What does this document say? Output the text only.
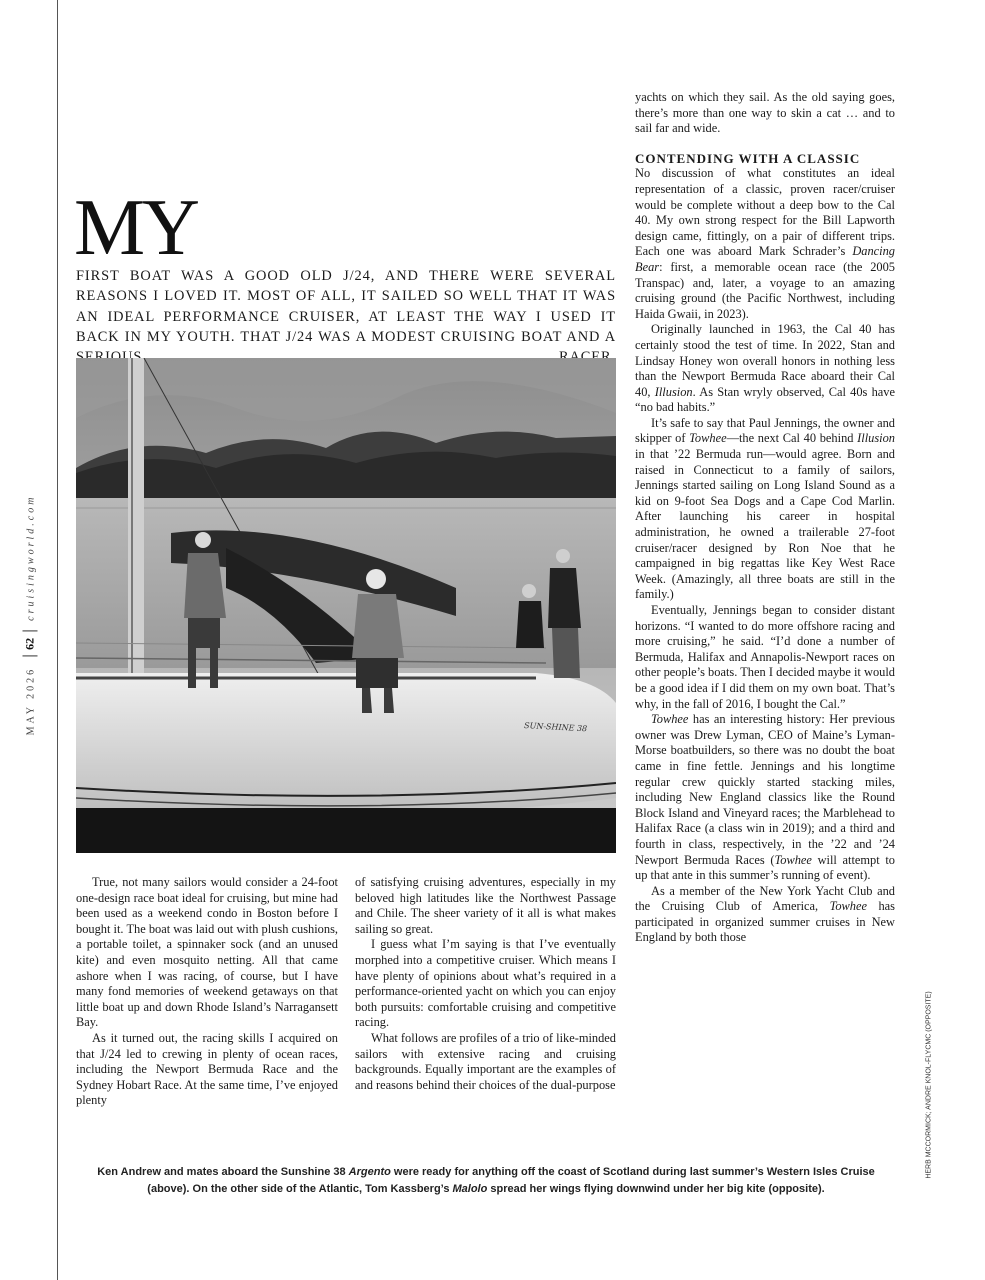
MAY 202662cruisingworld.com
HERB MCCORMICK; ANDRE KNOL-FLYCMC (OPPOSITE)
MY
FIRST BOAT WAS A GOOD OLD J/24, AND THERE WERE SEVERAL REASONS I LOVED IT. MOST OF ALL, IT SAILED SO WELL THAT IT WAS AN IDEAL PERFORMANCE CRUISER, AT LEAST THE WAY I USED IT BACK IN MY YOUTH. THAT J/24 WAS A MODEST CRUISING BOAT AND A
SUN-SHINE 38

True, not many sailors would consider a 24-foot one-design race boat ideal for cruising, but mine had been used as a weekend condo in Boston before I bought it. The boat was laid out with plush cushions, a portable toilet, a spinnaker sock (and an unused kite) and even mosquito netting. All that came ashore when I was racing, of course, but I have many fond memories of weekend getaways on that little boat up and down Rhode Island’s Narragansett Bay.

As it turned out, the racing skills I acquired on that J/24 led to crewing in plenty of ocean races, including the Newport Bermuda Race and the Sydney Hobart Race. At the same time, I’ve enjoyed plenty

of satisfying cruising adventures, especially in my beloved high latitudes like the Northwest Passage and Chile. The sheer variety of it all is what makes sailing so great.

I guess what I’m saying is that I’ve eventually morphed into a competitive cruiser. Which means I have plenty of opinions about what’s required in a performance-oriented yacht on which you can enjoy both pursuits: comfortable cruising and competitive racing.

What follows are profiles of a trio of like-minded sailors with extensive racing and cruising backgrounds. Equally important are the examples of and reasons behind their choices of the dual-purpose

yachts on which they sail. As the old saying goes, there’s more than one way to skin a cat … and to sail far and wide.

CONTENDING WITH A CLASSIC

No discussion of what constitutes an ideal representation of a classic, proven racer/cruiser would be complete without a deep bow to the Cal 40. My own strong respect for the Bill Lapworth design came, fittingly, on a pair of different trips. Each one was aboard Mark Schrader’s Dancing Bear: first, a memorable ocean race (the 2005 Transpac) and, later, a voyage to an amazing cruising ground (the Pacific Northwest, including Haida Gwaii, in 2023).

Originally launched in 1963, the Cal 40 has certainly stood the test of time. In 2022, Stan and Lindsay Honey won overall honors in nothing less than the Newport Bermuda Race aboard their Cal 40, Illusion. As Stan wryly observed, Cal 40s have “no bad habits.”

It’s safe to say that Paul Jennings, the owner and skipper of Towhee—the next Cal 40 behind Illusion in that ’22 Bermuda run—would agree. Born and raised in Connecticut to a family of sailors, Jennings started sailing on Long Island Sound as a kid on 9-foot Sea Dogs and a Cape Cod Marlin. After launching his career in hospital administration, he owned a trailerable 27-foot cruiser/racer designed by Ron Noe that he campaigned in big regattas like Key West Race Week. (Amazingly, all three boats are still in the family.)

Eventually, Jennings began to consider distant horizons. “I wanted to do more offshore racing and more cruising,” he said. “I’d done a number of Bermuda, Halifax and Annapolis-Newport races on other people’s boats. Then I decided maybe it would be a good idea if I did them on my own boat. That’s why, in the fall of 2016, I bought the Cal.”

Towhee has an interesting history: Her previous owner was Drew Lyman, CEO of Maine’s Lyman-Morse boatbuilders, so there was no doubt the boat came in fine fettle. Jennings and his longtime regular crew quickly started stacking miles, including New England classics like the Round Block Island and Vineyard races; the Marblehead to Halifax Race (a class win in 2019); and a third and fourth in class, respectively, in the ’22 and ’24 Newport Bermuda Races (Towhee will attempt to up that ante in this summer’s running of event).

As a member of the New York Yacht Club and the Cruising Club of America, Towhee has participated in organized summer cruises in New England by both those

Ken Andrew and mates aboard the Sunshine 38 Argento were ready for anything off the coast of Scotland during last summer’s Western Isles Cruise (above). On the other side of the Atlantic, Tom Kassberg’s Malolo spread her wings flying downwind under her big kite (opposite).
